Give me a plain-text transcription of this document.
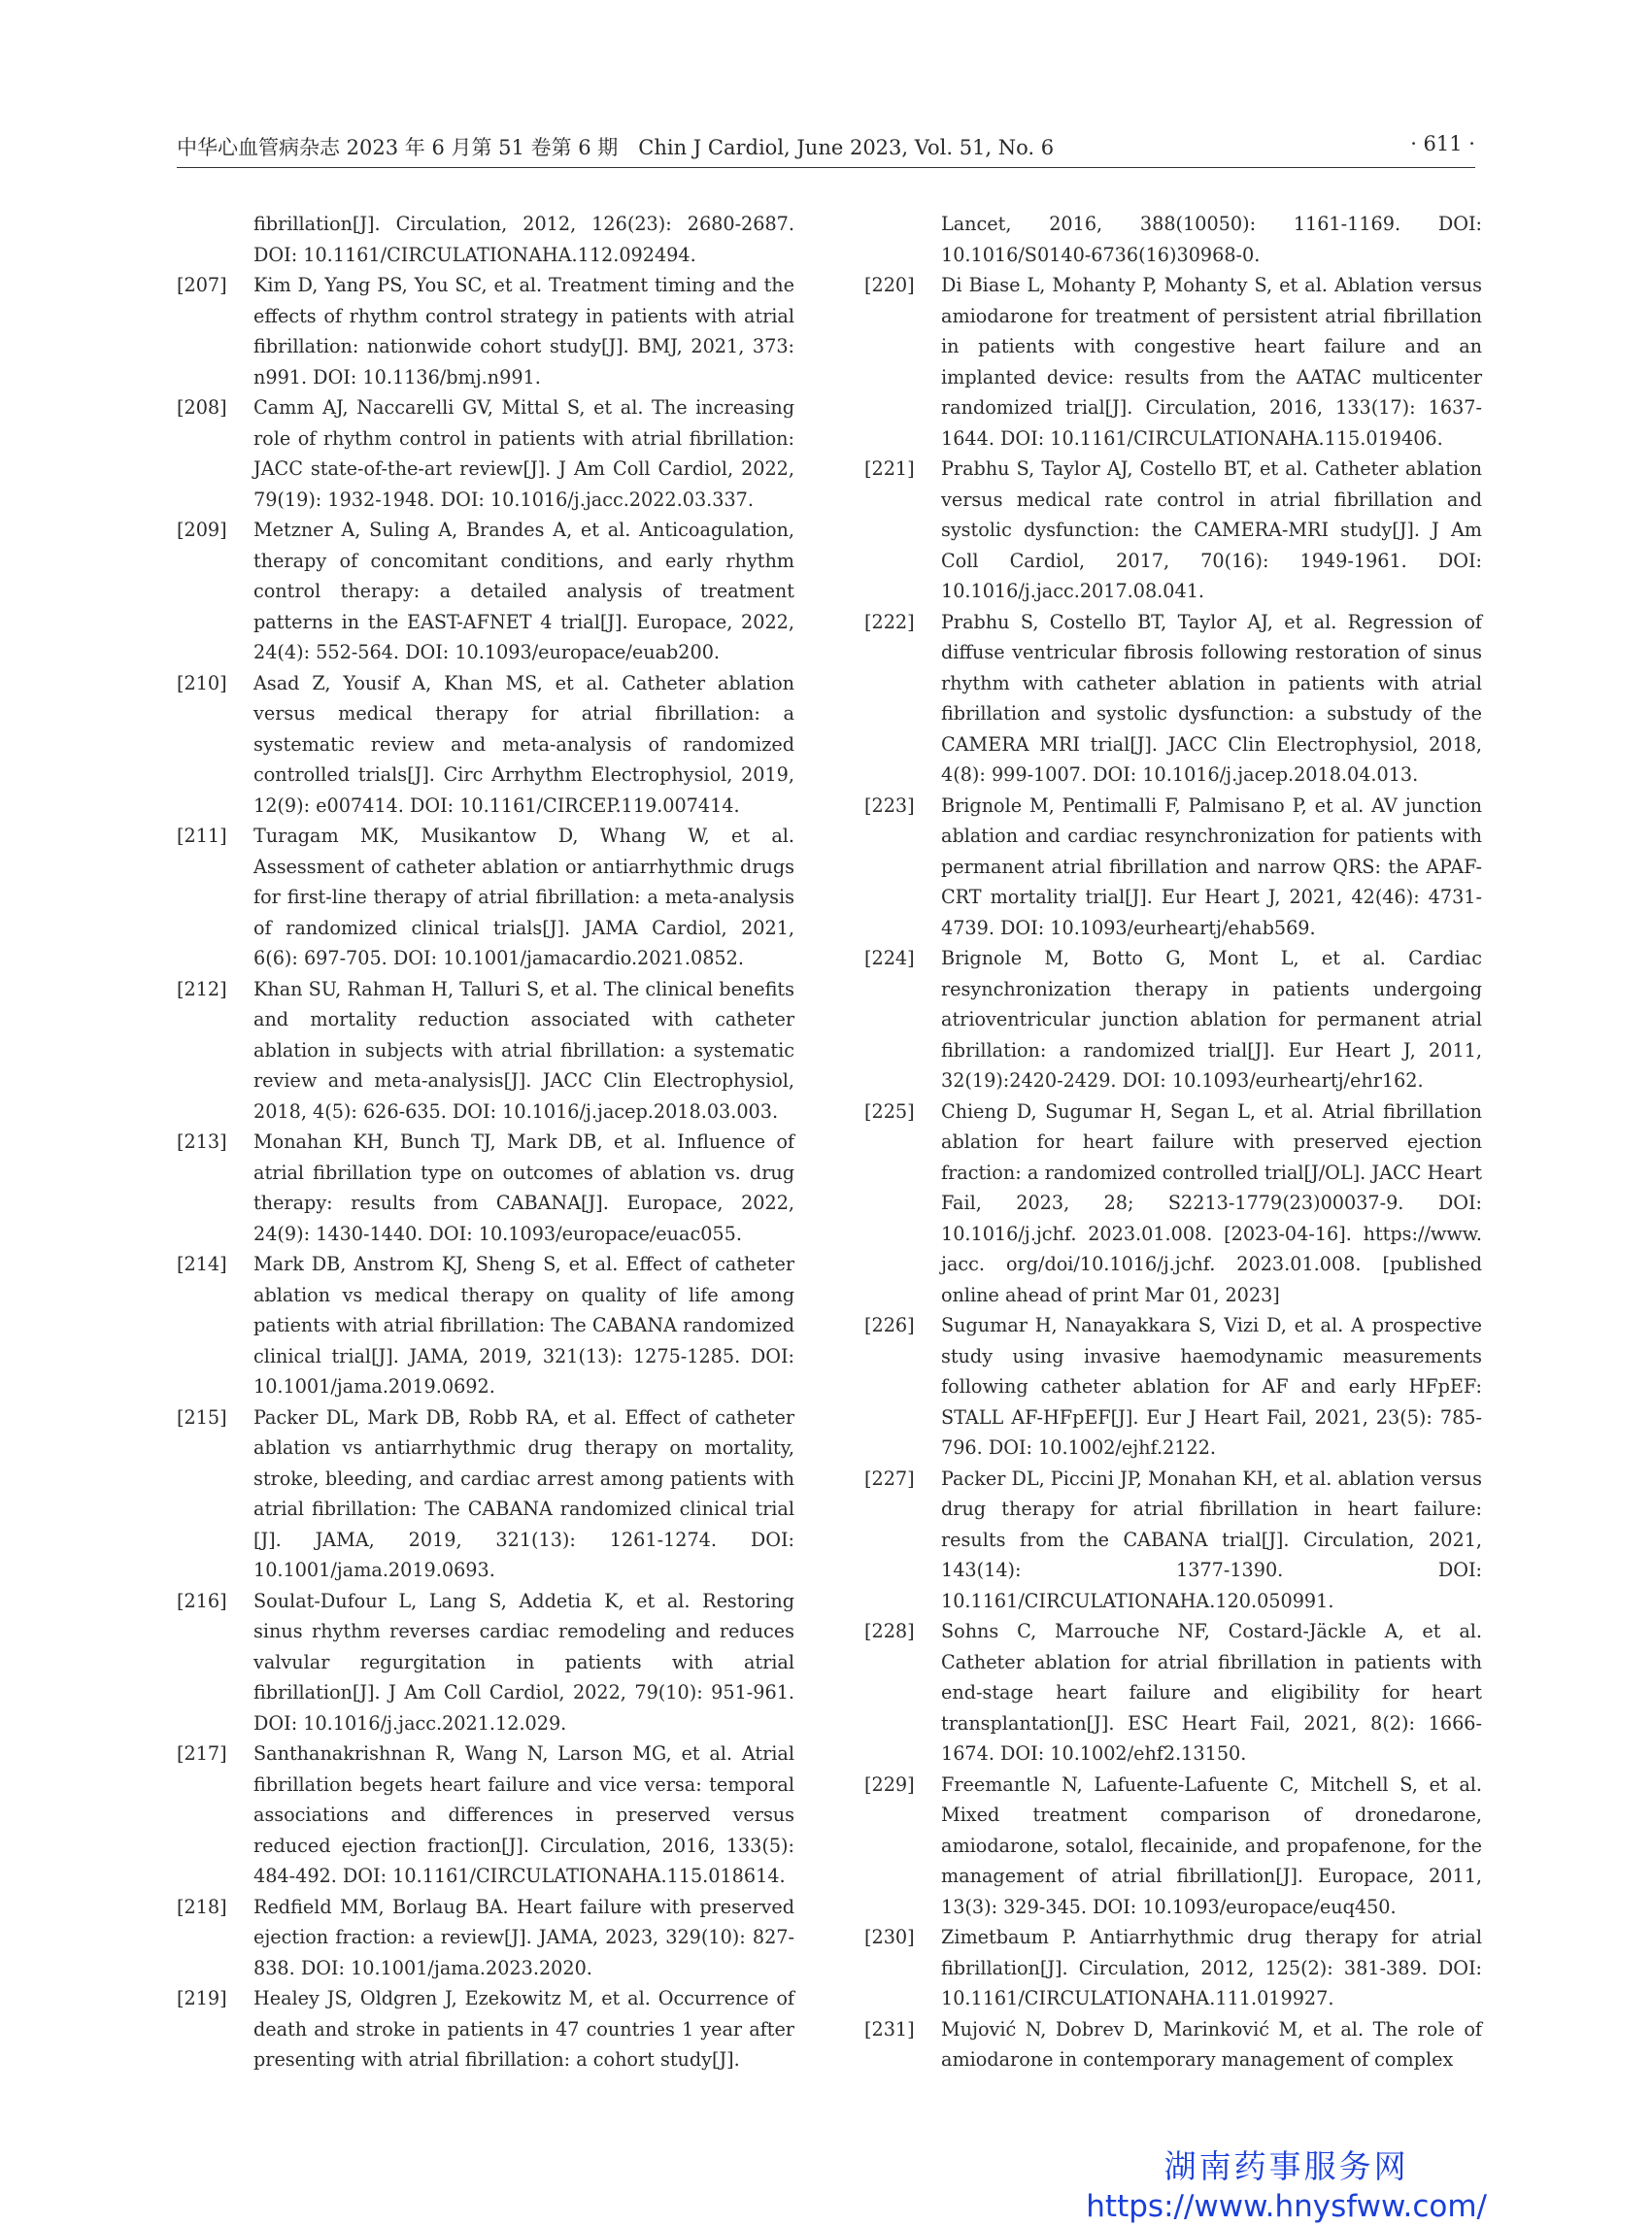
中华心血管病杂志 2023 年 6 月第 51 卷第 6 期　Chin J Cardiol, June 2023, Vol. 51, No. 6	· 611 ·
fibrillation[J]. Circulation, 2012, 126(23): 2680-2687. DOI: 10.1161/CIRCULATIONAHA.112.092494.
[207] Kim D, Yang PS, You SC, et al. Treatment timing and the effects of rhythm control strategy in patients with atrial fibrillation: nationwide cohort study[J]. BMJ, 2021, 373: n991. DOI: 10.1136/bmj.n991.
[208] Camm AJ, Naccarelli GV, Mittal S, et al. The increasing role of rhythm control in patients with atrial fibrillation: JACC state-of-the-art review[J]. J Am Coll Cardiol, 2022, 79(19): 1932-1948. DOI: 10.1016/j.jacc.2022.03.337.
[209] Metzner A, Suling A, Brandes A, et al. Anticoagulation, therapy of concomitant conditions, and early rhythm control therapy: a detailed analysis of treatment patterns in the EAST-AFNET 4 trial[J]. Europace, 2022, 24(4): 552-564. DOI: 10.1093/europace/euab200.
[210] Asad Z, Yousif A, Khan MS, et al. Catheter ablation versus medical therapy for atrial fibrillation: a systematic review and meta-analysis of randomized controlled trials[J]. Circ Arrhythm Electrophysiol, 2019, 12(9): e007414. DOI: 10.1161/CIRCEP.119.007414.
[211] Turagam MK, Musikantow D, Whang W, et al. Assessment of catheter ablation or antiarrhythmic drugs for first-line therapy of atrial fibrillation: a meta-analysis of randomized clinical trials[J]. JAMA Cardiol, 2021, 6(6): 697-705. DOI: 10.1001/jamacardio.2021.0852.
[212] Khan SU, Rahman H, Talluri S, et al. The clinical benefits and mortality reduction associated with catheter ablation in subjects with atrial fibrillation: a systematic review and meta-analysis[J]. JACC Clin Electrophysiol, 2018, 4(5): 626-635. DOI: 10.1016/j.jacep.2018.03.003.
[213] Monahan KH, Bunch TJ, Mark DB, et al. Influence of atrial fibrillation type on outcomes of ablation vs. drug therapy: results from CABANA[J]. Europace, 2022, 24(9): 1430-1440. DOI: 10.1093/europace/euac055.
[214] Mark DB, Anstrom KJ, Sheng S, et al. Effect of catheter ablation vs medical therapy on quality of life among patients with atrial fibrillation: The CABANA randomized clinical trial[J]. JAMA, 2019, 321(13): 1275-1285. DOI: 10.1001/jama.2019.0692.
[215] Packer DL, Mark DB, Robb RA, et al. Effect of catheter ablation vs antiarrhythmic drug therapy on mortality, stroke, bleeding, and cardiac arrest among patients with atrial fibrillation: The CABANA randomized clinical trial [J]. JAMA, 2019, 321(13): 1261-1274. DOI: 10.1001/jama.2019.0693.
[216] Soulat-Dufour L, Lang S, Addetia K, et al. Restoring sinus rhythm reverses cardiac remodeling and reduces valvular regurgitation in patients with atrial fibrillation[J]. J Am Coll Cardiol, 2022, 79(10): 951-961. DOI: 10.1016/j.jacc.2021.12.029.
[217] Santhanakrishnan R, Wang N, Larson MG, et al. Atrial fibrillation begets heart failure and vice versa: temporal associations and differences in preserved versus reduced ejection fraction[J]. Circulation, 2016, 133(5): 484-492. DOI: 10.1161/CIRCULATIONAHA.115.018614.
[218] Redfield MM, Borlaug BA. Heart failure with preserved ejection fraction: a review[J]. JAMA, 2023, 329(10): 827-838. DOI: 10.1001/jama.2023.2020.
[219] Healey JS, Oldgren J, Ezekowitz M, et al. Occurrence of death and stroke in patients in 47 countries 1 year after presenting with atrial fibrillation: a cohort study[J].
Lancet, 2016, 388(10050): 1161-1169. DOI: 10.1016/S0140-6736(16)30968-0.
[220] Di Biase L, Mohanty P, Mohanty S, et al. Ablation versus amiodarone for treatment of persistent atrial fibrillation in patients with congestive heart failure and an implanted device: results from the AATAC multicenter randomized trial[J]. Circulation, 2016, 133(17): 1637-1644. DOI: 10.1161/CIRCULATIONAHA.115.019406.
[221] Prabhu S, Taylor AJ, Costello BT, et al. Catheter ablation versus medical rate control in atrial fibrillation and systolic dysfunction: the CAMERA-MRI study[J]. J Am Coll Cardiol, 2017, 70(16): 1949-1961. DOI: 10.1016/j.jacc.2017.08.041.
[222] Prabhu S, Costello BT, Taylor AJ, et al. Regression of diffuse ventricular fibrosis following restoration of sinus rhythm with catheter ablation in patients with atrial fibrillation and systolic dysfunction: a substudy of the CAMERA MRI trial[J]. JACC Clin Electrophysiol, 2018, 4(8): 999-1007. DOI: 10.1016/j.jacep.2018.04.013.
[223] Brignole M, Pentimalli F, Palmisano P, et al. AV junction ablation and cardiac resynchronization for patients with permanent atrial fibrillation and narrow QRS: the APAF-CRT mortality trial[J]. Eur Heart J, 2021, 42(46): 4731-4739. DOI: 10.1093/eurheartj/ehab569.
[224] Brignole M, Botto G, Mont L, et al. Cardiac resynchronization therapy in patients undergoing atrioventricular junction ablation for permanent atrial fibrillation: a randomized trial[J]. Eur Heart J, 2011, 32(19):2420-2429. DOI: 10.1093/eurheartj/ehr162.
[225] Chieng D, Sugumar H, Segan L, et al. Atrial fibrillation ablation for heart failure with preserved ejection fraction: a randomized controlled trial[J/OL]. JACC Heart Fail, 2023, 28; S2213-1779(23)00037-9. DOI: 10.1016/j.jchf. 2023.01.008. [2023-04-16]. https://www. jacc. org/doi/10.1016/j.jchf. 2023.01.008. [published online ahead of print Mar 01, 2023]
[226] Sugumar H, Nanayakkara S, Vizi D, et al. A prospective study using invasive haemodynamic measurements following catheter ablation for AF and early HFpEF: STALL AF-HFpEF[J]. Eur J Heart Fail, 2021, 23(5): 785-796. DOI: 10.1002/ejhf.2122.
[227] Packer DL, Piccini JP, Monahan KH, et al. ablation versus drug therapy for atrial fibrillation in heart failure: results from the CABANA trial[J]. Circulation, 2021, 143(14): 1377-1390. DOI: 10.1161/CIRCULATIONAHA.120.050991.
[228] Sohns C, Marrouche NF, Costard-Jäckle A, et al. Catheter ablation for atrial fibrillation in patients with end-stage heart failure and eligibility for heart transplantation[J]. ESC Heart Fail, 2021, 8(2): 1666-1674. DOI: 10.1002/ehf2.13150.
[229] Freemantle N, Lafuente-Lafuente C, Mitchell S, et al. Mixed treatment comparison of dronedarone, amiodarone, sotalol, flecainide, and propafenone, for the management of atrial fibrillation[J]. Europace, 2011, 13(3): 329-345. DOI: 10.1093/europace/euq450.
[230] Zimetbaum P. Antiarrhythmic drug therapy for atrial fibrillation[J]. Circulation, 2012, 125(2): 381-389. DOI: 10.1161/CIRCULATIONAHA.111.019927.
[231] Mujović N, Dobrev D, Marinković M, et al. The role of amiodarone in contemporary management of complex
湖南药事服务网
https://www.hnysfww.com/
